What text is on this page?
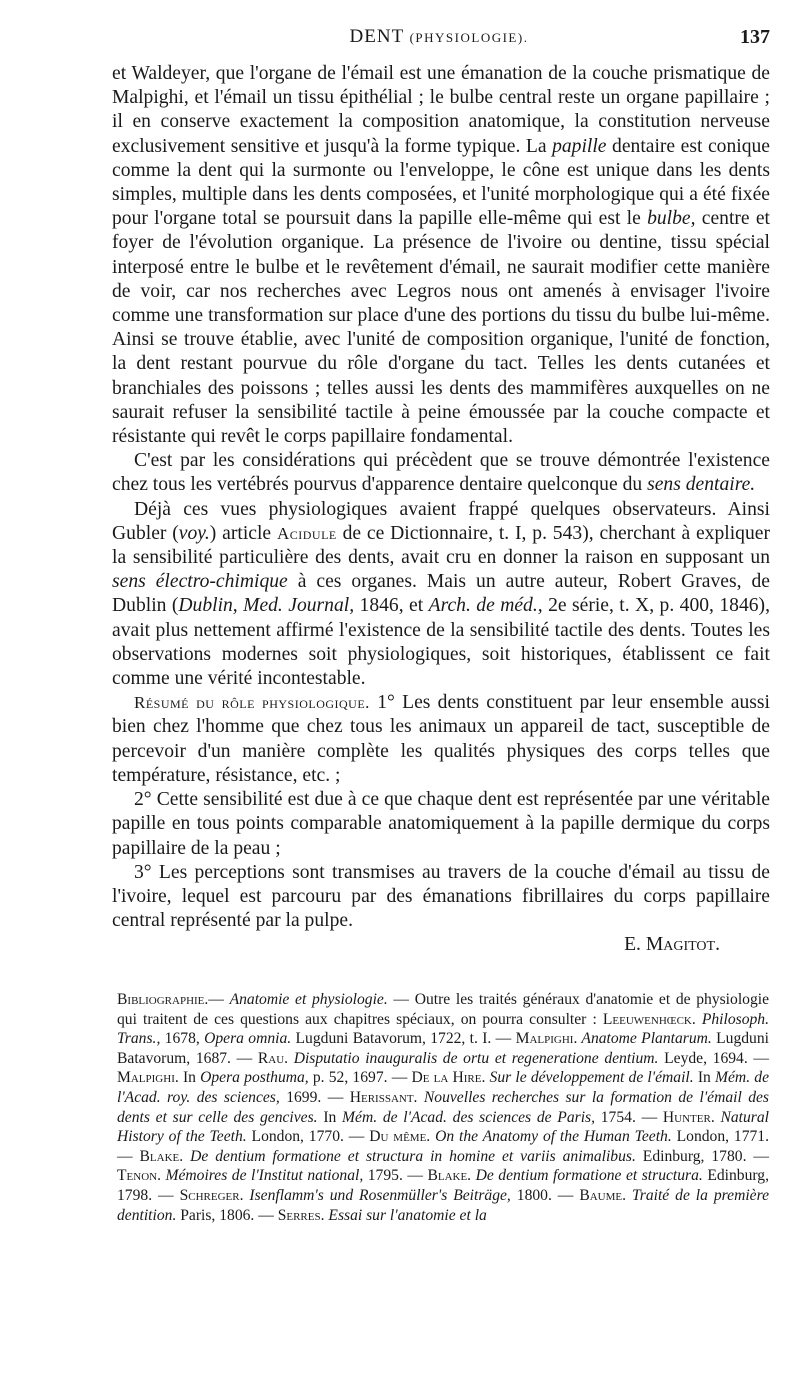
DENT (PHYSIOLOGIE).	137

et Waldeyer, que l'organe de l'émail est une émanation de la couche prismatique de Malpighi, et l'émail un tissu épithélial ; le bulbe central reste un organe papillaire ; il en conserve exactement la composition anatomique, la constitution nerveuse exclusivement sensitive et jusqu'à la forme typique. La papille dentaire est conique comme la dent qui la surmonte ou l'enveloppe, le cône est unique dans les dents simples, multiple dans les dents composées, et l'unité morphologique qui a été fixée pour l'organe total se poursuit dans la papille elle-même qui est le bulbe, centre et foyer de l'évolution organique. La présence de l'ivoire ou dentine, tissu spécial interposé entre le bulbe et le revêtement d'émail, ne saurait modifier cette manière de voir, car nos recherches avec Legros nous ont amenés à envisager l'ivoire comme une transformation sur place d'une des portions du tissu du bulbe lui-même. Ainsi se trouve établie, avec l'unité de composition organique, l'unité de fonction, la dent restant pourvue du rôle d'organe du tact. Telles les dents cutanées et branchiales des poissons ; telles aussi les dents des mammifères auxquelles on ne saurait refuser la sensibilité tactile à peine émoussée par la couche compacte et résistante qui revêt le corps papillaire fondamental.

C'est par les considérations qui précèdent que se trouve démontrée l'existence chez tous les vertébrés pourvus d'apparence dentaire quelconque du sens dentaire.

Déjà ces vues physiologiques avaient frappé quelques observateurs. Ainsi Gubler (voy.) article Acidule de ce Dictionnaire, t. I, p. 543), cherchant à expliquer la sensibilité particulière des dents, avait cru en donner la raison en supposant un sens électro-chimique à ces organes. Mais un autre auteur, Robert Graves, de Dublin (Dublin, Med. Journal, 1846, et Arch. de méd., 2e série, t. X, p. 400, 1846), avait plus nettement affirmé l'existence de la sensibilité tactile des dents. Toutes les observations modernes soit physiologiques, soit historiques, établissent ce fait comme une vérité incontestable.

Résumé du rôle physiologique. 1° Les dents constituent par leur ensemble aussi bien chez l'homme que chez tous les animaux un appareil de tact, susceptible de percevoir d'un manière complète les qualités physiques des corps telles que température, résistance, etc. ;

2° Cette sensibilité est due à ce que chaque dent est représentée par une véritable papille en tous points comparable anatomiquement à la papille dermique du corps papillaire de la peau ;

3° Les perceptions sont transmises au travers de la couche d'émail au tissu de l'ivoire, lequel est parcouru par des émanations fibrillaires du corps papillaire central représenté par la pulpe.

E. Magitot.

Bibliographie.— Anatomie et physiologie. — Outre les traités généraux d'anatomie et de physiologie qui traitent de ces questions aux chapitres spéciaux, on pourra consulter : Leeuwenhœck. Philosoph. Trans., 1678, Opera omnia. Lugduni Batavorum, 1722, t. I. — Malpighi. Anatome Plantarum. Lugduni Batavorum, 1687. — Rau. Disputatio inauguralis de ortu et regeneratione dentium. Leyde, 1694. — Malpighi. In Opera posthuma, p. 52, 1697. — De la Hire. Sur le développement de l'émail. In Mém. de l'Acad. roy. des sciences, 1699. — Herissant. Nouvelles recherches sur la formation de l'émail des dents et sur celle des gencives. In Mém. de l'Acad. des sciences de Paris, 1754. — Hunter. Natural History of the Teeth. London, 1770. — Du même. On the Anatomy of the Human Teeth. London, 1771. — Blake. De dentium formatione et structura in homine et variis animalibus. Edinburg, 1780. — Tenon. Mémoires de l'Institut national, 1795. — Blake. De dentium formatione et structura. Edinburg, 1798. — Schreger. Isenflamm's und Rosenmüller's Beiträge, 1800. — Baume. Traité de la première dentition. Paris, 1806. — Serres. Essai sur l'anatomie et la
